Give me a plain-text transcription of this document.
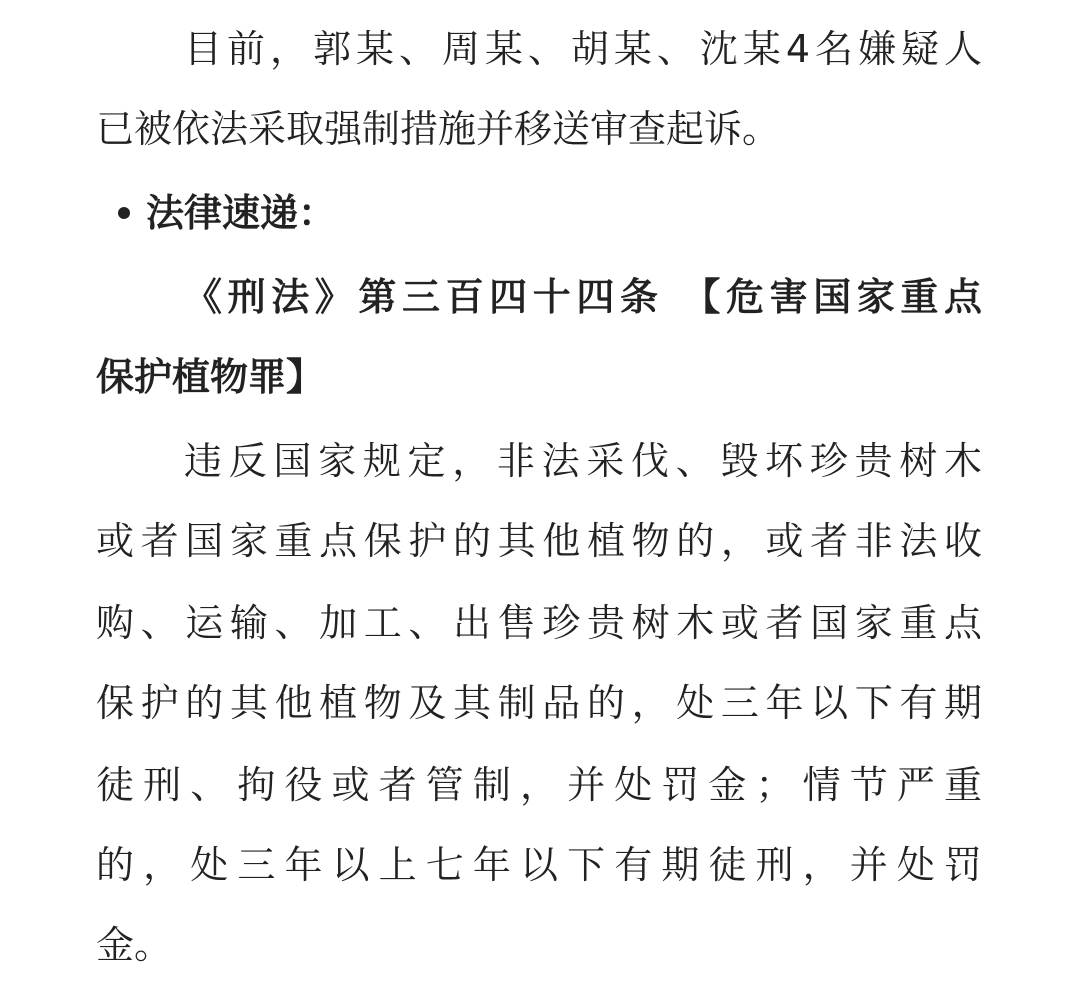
目前，郭某、周某、胡某、沈某4名嫌疑人
已被依法采取强制措施并移送审查起诉。
法律速递：
《刑法》第三百四十四条 【危害国家重点
保护植物罪】
违反国家规定，非法采伐、毁坏珍贵树木
或者国家重点保护的其他植物的，或者非法收
购、运输、加工、出售珍贵树木或者国家重点
保护的其他植物及其制品的，处三年以下有期
徒刑、拘役或者管制，并处罚金；情节严重
的，处三年以上七年以下有期徒刑，并处罚
金。
